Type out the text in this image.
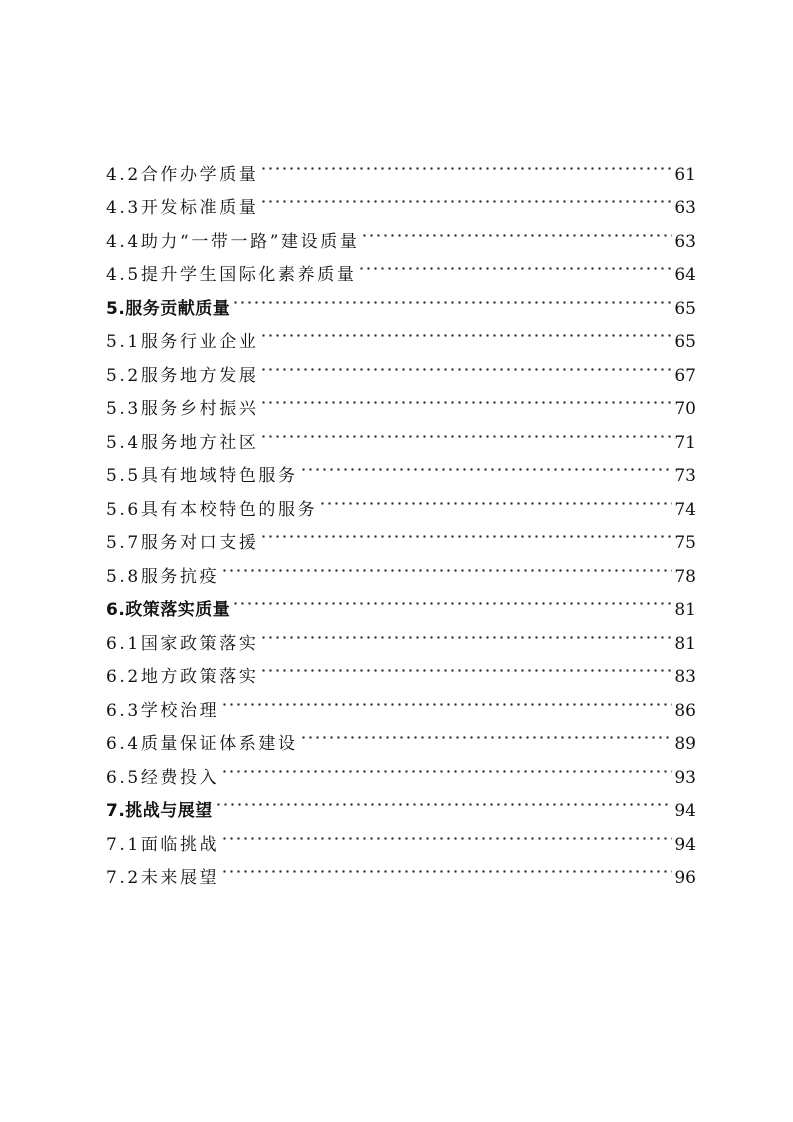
4.2合作办学质量	61
4.3开发标准质量	63
4.4助力“一带一路”建设质量	63
4.5提升学生国际化素养质量	64
5.服务贡献质量	65
5.1服务行业企业	65
5.2服务地方发展	67
5.3服务乡村振兴	70
5.4服务地方社区	71
5.5具有地域特色服务	73
5.6具有本校特色的服务	74
5.7服务对口支援	75
5.8服务抗疫	78
6.政策落实质量	81
6.1国家政策落实	81
6.2地方政策落实	83
6.3学校治理	86
6.4质量保证体系建设	89
6.5经费投入	93
7.挑战与展望	94
7.1面临挑战	94
7.2未来展望	96
